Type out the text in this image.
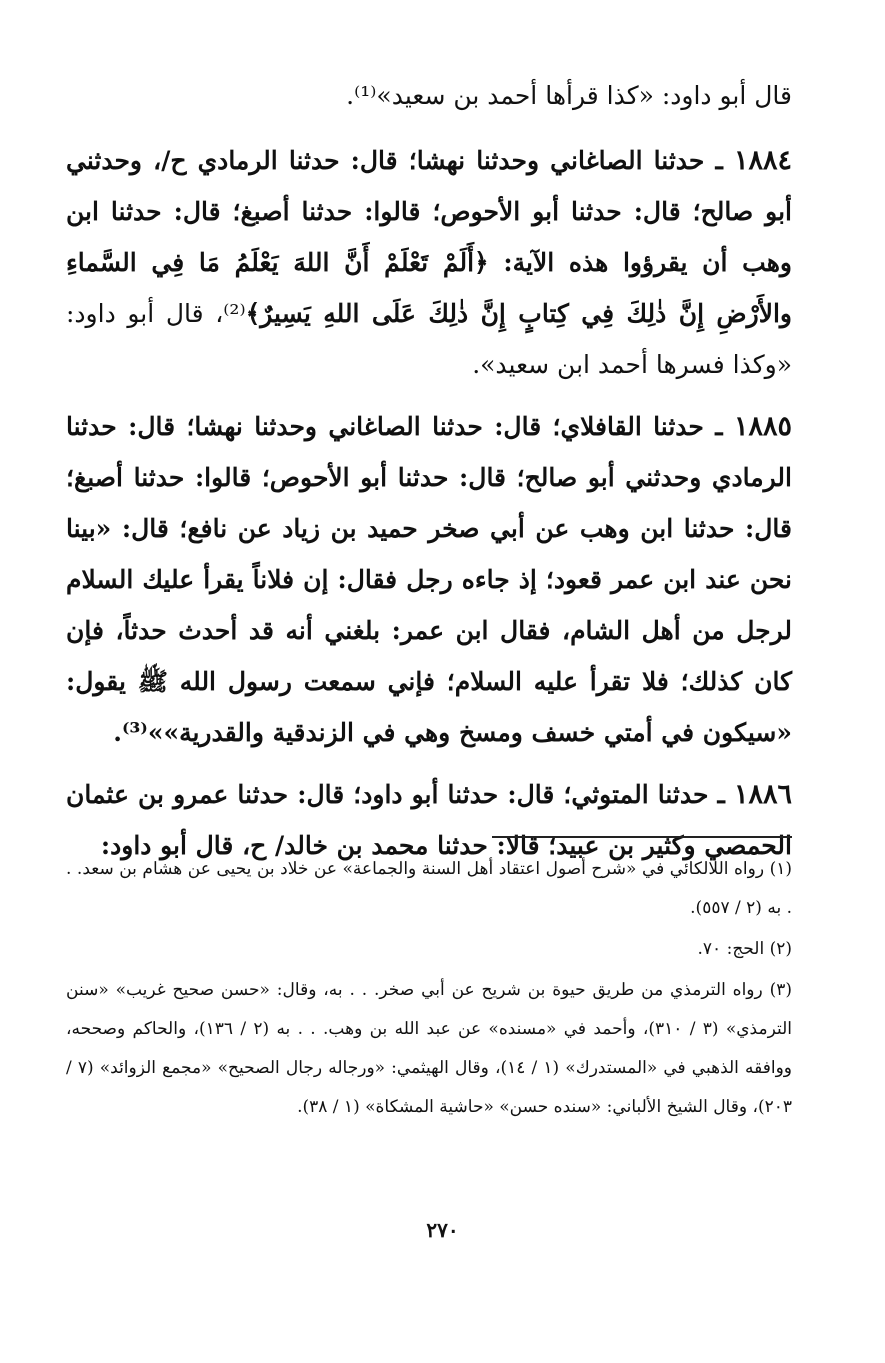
قال أبو داود: «كذا قرأها أحمد بن سعيد»⁽¹⁾.

١٨٨٤ ـ حدثنا الصاغاني وحدثنا نهشا؛ قال: حدثنا الرمادي ح/، وحدثني أبو صالح؛ قال: حدثنا أبو الأحوص؛ قالوا: حدثنا أصبغ؛ قال: حدثنا ابن وهب أن يقرؤوا هذه الآية: ﴿أَلَمْ تَعْلَمْ أَنَّ اللهَ يَعْلَمُ مَا فِي السَّماءِ والأَرْضِ إِنَّ ذٰلِكَ فِي كِتابٍ إِنَّ ذٰلِكَ عَلَى اللهِ يَسِيرٌ﴾⁽²⁾، قال أبو داود: «وكذا فسرها أحمد ابن سعيد».

١٨٨٥ ـ حدثنا القافلاي؛ قال: حدثنا الصاغاني وحدثنا نهشا؛ قال: حدثنا الرمادي وحدثني أبو صالح؛ قال: حدثنا أبو الأحوص؛ قالوا: حدثنا أصبغ؛ قال: حدثنا ابن وهب عن أبي صخر حميد بن زياد عن نافع؛ قال: «بينا نحن عند ابن عمر قعود؛ إذ جاءه رجل فقال: إن فلاناً يقرأ عليك السلام لرجل من أهل الشام، فقال ابن عمر: بلغني أنه قد أحدث حدثاً، فإن كان كذلك؛ فلا تقرأ عليه السلام؛ فإني سمعت رسول الله ﷺ يقول: «سيكون في أمتي خسف ومسخ وهي في الزندقية والقدرية»»⁽³⁾.

١٨٨٦ ـ حدثنا المتوثي؛ قال: حدثنا أبو داود؛ قال: حدثنا عمرو بن عثمان الحمصي وكثير بن عبيد؛ قالا: حدثنا محمد بن خالد/ ح، قال أبو داود:

(١) رواه اللالكائي في «شرح أصول اعتقاد أهل السنة والجماعة» عن خلاد بن يحيى عن هشام بن سعد. . . به (٢ / ٥٥٧).

(٢) الحج: ٧٠.

(٣) رواه الترمذي من طريق حيوة بن شريح عن أبي صخر. . . به، وقال: «حسن صحيح غريب» «سنن الترمذي» (٣ / ٣١٠)، وأحمد في «مسنده» عن عبد الله بن وهب. . . به (٢ / ١٣٦)، والحاكم وصححه، ووافقه الذهبي في «المستدرك» (١ / ١٤)، وقال الهيثمي: «ورجاله رجال الصحيح» «مجمع الزوائد» (٧ / ٢٠٣)، وقال الشيخ الألباني: «سنده حسن» «حاشية المشكاة» (١ / ٣٨).

٢٧٠
